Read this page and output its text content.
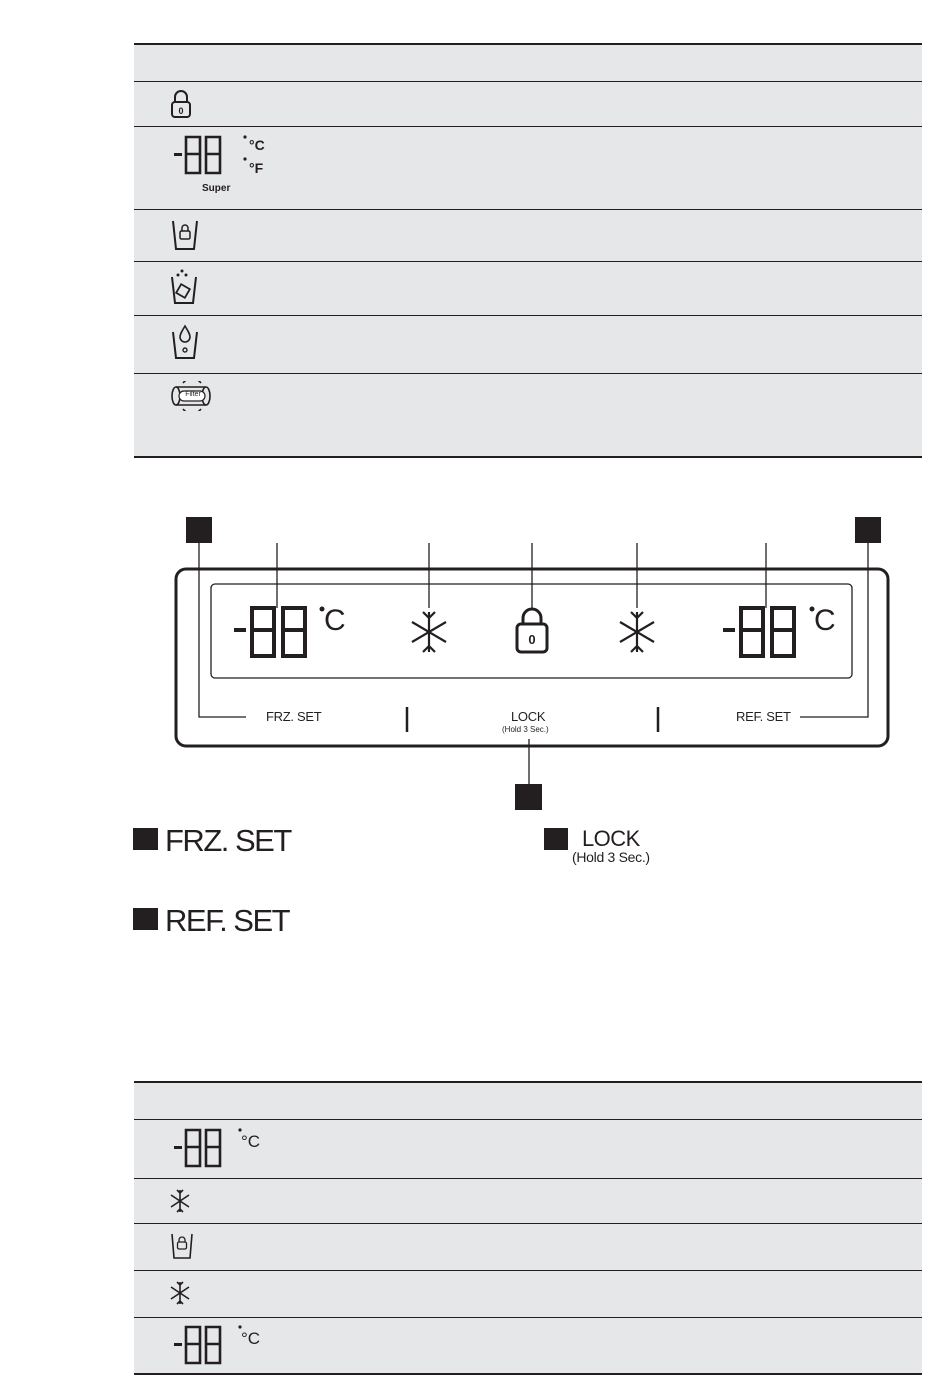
0
°C
°F
Super
Filter
0
C	C
FRZ. SET	LOCK
(Hold 3 Sec.)
REF. SET
FRZ. SET
REF. SET
LOCK
(Hold 3 Sec.)
°C
°C
